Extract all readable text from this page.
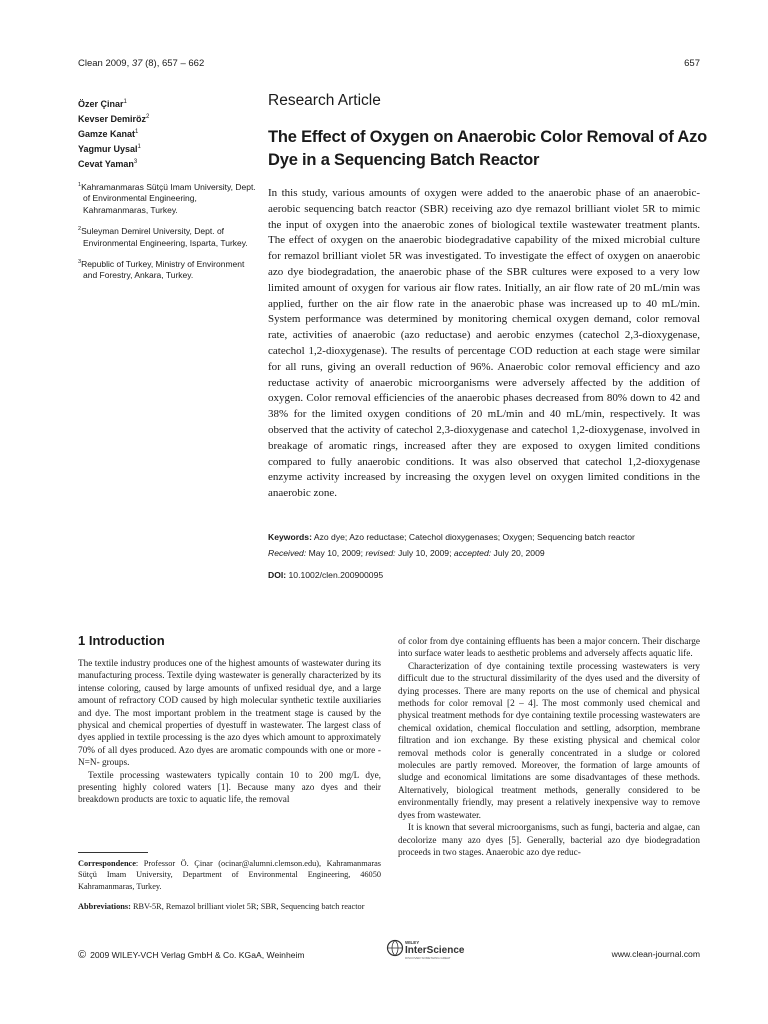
Clean 2009, 37 (8), 657 – 662	657
Özer Çinar$^1$
Kevser Demiröz$^2$
Gamze Kanat$^1$
Yagmur Uysal$^1$
Cevat Yaman$^3$
$^1$Kahramanmaras Sütçü Imam University, Dept. of Environmental Engineering, Kahramanmaras, Turkey.
$^2$Suleyman Demirel University, Dept. of Environmental Engineering, Isparta, Turkey.
$^3$Republic of Turkey, Ministry of Environment and Forestry, Ankara, Turkey.
Research Article
The Effect of Oxygen on Anaerobic Color Removal of Azo Dye in a Sequencing Batch Reactor

In this study, various amounts of oxygen were added to the anaerobic phase of an anaerobic-aerobic sequencing batch reactor (SBR) receiving azo dye remazol brilliant violet 5R to mimic the input of oxygen into the anaerobic zones of biological textile wastewater treatment plants. The effect of oxygen on the anaerobic biodegradative capability of the mixed microbial culture for remazol brilliant violet 5R was investigated. To investigate the effect of oxygen on anaerobic azo dye biodegradation, the anaerobic phase of the SBR cultures were exposed to a very low limited amount of oxygen for various air flow rates. Initially, an air flow rate of 20 mL/min was applied, further on the air flow rate in the anaerobic phase was increased up to 40 mL/min. System performance was determined by monitoring chemical oxygen demand, color removal rate, activities of anaerobic (azo reductase) and aerobic enzymes (catechol 2,3-dioxygenase, catechol 1,2-dioxygenase). The results of percentage COD reduction at each stage were similar for all runs, giving an overall reduction of 96%. Anaerobic color removal efficiency and azo reductase activity of anaerobic microorganisms were adversely affected by the addition of oxygen. Color removal efficiencies of the anaerobic phases decreased from 80% down to 42 and 38% for the limited oxygen conditions of 20 mL/min and 40 mL/min, respectively. It was observed that the activity of catechol 2,3-dioxygenase and catechol 1,2-dioxygenase, involved in breakage of aromatic rings, increased after they are exposed to oxygen limited conditions compared to fully anaerobic conditions. It was also observed that catechol 1,2-dioxygenase enzyme activity increased by increasing the oxygen level on oxygen limited conditions in the anaerobic zone.

Keywords: Azo dye; Azo reductase; Catechol dioxygenases; Oxygen; Sequencing batch reactor
Received: May 10, 2009; revised: July 10, 2009; accepted: July 20, 2009
DOI: 10.1002/clen.200900095
1 Introduction

The textile industry produces one of the highest amounts of wastewater during its manufacturing process. Textile dying wastewater is generally characterized by its intense coloring, caused by large amounts of unfixed residual dye, and a large amount of refractory COD caused by high molecular synthetic textile auxiliaries and dye. The most important problem in the treatment stage is caused by the physical and chemical properties of dyestuff in wastewater. The largest class of dyes applied in textile processing is the azo dyes which amount to approximately 70% of all dyes produced. Azo dyes are aromatic compounds with one or more -N=N- groups.

Textile processing wastewaters typically contain 10 to 200 mg/L dye, presenting highly colored waters [1]. Because many azo dyes and their breakdown products are toxic to aquatic life, the removal

Correspondence: Professor Ö. Çinar (ocinar@alumni.clemson.edu), Kahramanmaras Sütçü Imam University, Department of Environmental Engineering, 46050 Kahramanmaras, Turkey.

Abbreviations: RBV-5R, Remazol brilliant violet 5R; SBR, Sequencing batch reactor

of color from dye containing effluents has been a major concern. Their discharge into surface water leads to aesthetic problems and adversely affects aquatic life.

Characterization of dye containing textile processing wastewaters is very difficult due to the structural dissimilarity of the dyes used and the diversity of dying processes. There are many reports on the use of chemical and physical methods for color removal [2 – 4]. The most commonly used chemical and physical treatment methods for dye containing textile processing wastewaters are chemical oxidation, chemical flocculation and settling, adsorption, membrane filtration and ion exchange. By these existing physical and chemical color removal methods color is generally concentrated in a sludge or colored molecules are partly removed. Moreover, the formation of large amounts of sludge and economical limitations are some disadvantages of these methods. Alternatively, biological treatment methods, generally considered to be environmentally friendly, may present a relatively inexpensive way to remove dyes from wastewater.

It is known that several microorganisms, such as fungi, bacteria and algae, can decolorize many azo dyes [5]. Generally, bacterial azo dye biodegradation proceeds in two stages. Anaerobic azo dye reduc-

© 2009 WILEY-VCH Verlag GmbH & Co. KGaA, Weinheim
WILEY
InterScience
DISCOVER SOMETHING GREAT	www.clean-journal.com
